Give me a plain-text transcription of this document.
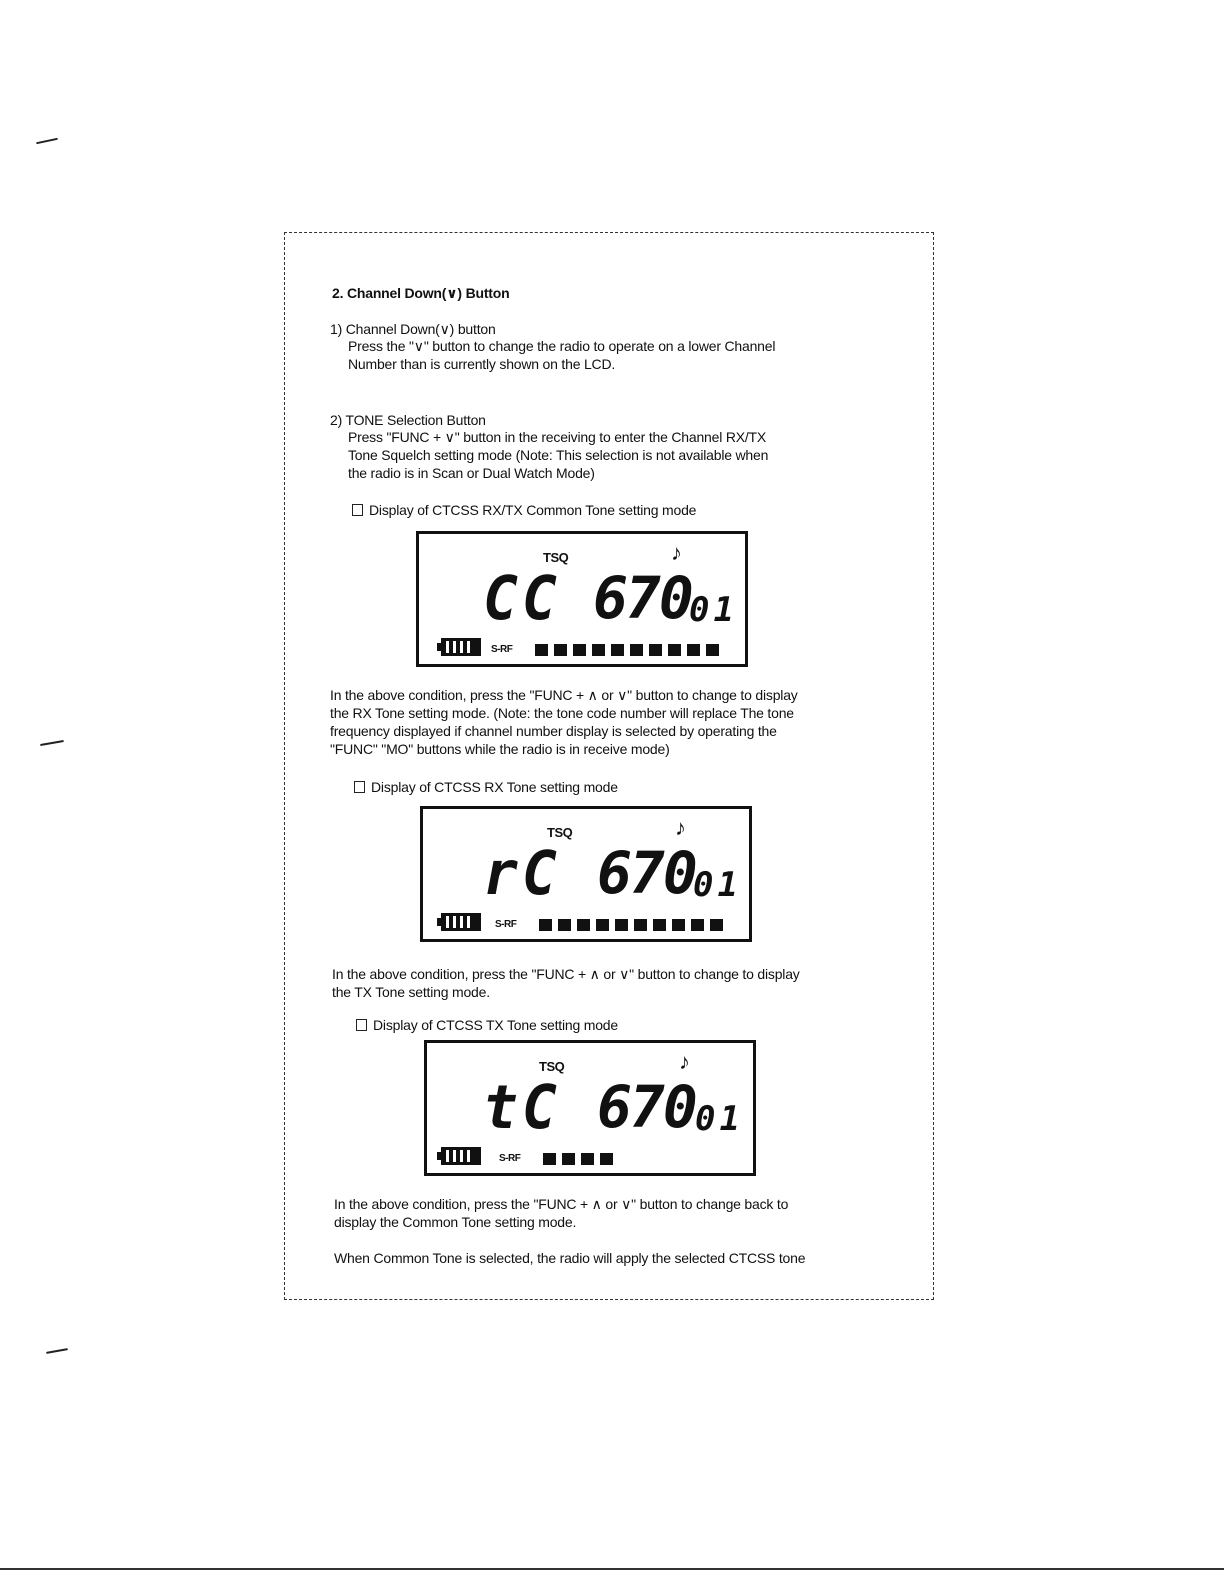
2. Channel Down(∨) Button
1) Channel Down(∨) button
Press the "∨" button to change the radio to operate on a lower Channel
Number than is currently shown on the LCD.
2) TONE Selection Button
Press "FUNC + ∨" button in the receiving to enter the Channel RX/TX
Tone Squelch setting mode (Note: This selection is not available when
the radio is in Scan or Dual Watch Mode)
Display of CTCSS RX/TX Common Tone setting mode
TSQ	♪
CC 670
01
S-RF
In the above condition, press the "FUNC + ∧ or ∨" button to change to display
the RX Tone setting mode. (Note: the tone code number will replace The tone
frequency displayed if channel number display is selected by operating the
"FUNC" "MO" buttons while the radio is in receive mode)
Display of CTCSS RX Tone setting mode
TSQ	♪
rC 670
01
S-RF
In the above condition, press the "FUNC + ∧ or ∨" button to change to display
the TX Tone setting mode.
Display of CTCSS TX Tone setting mode
TSQ	♪
tC 670 01
S-RF
In the above condition, press the "FUNC + ∧ or ∨" button to change back to
display the Common Tone setting mode.
When Common Tone is selected, the radio will apply the selected CTCSS tone
